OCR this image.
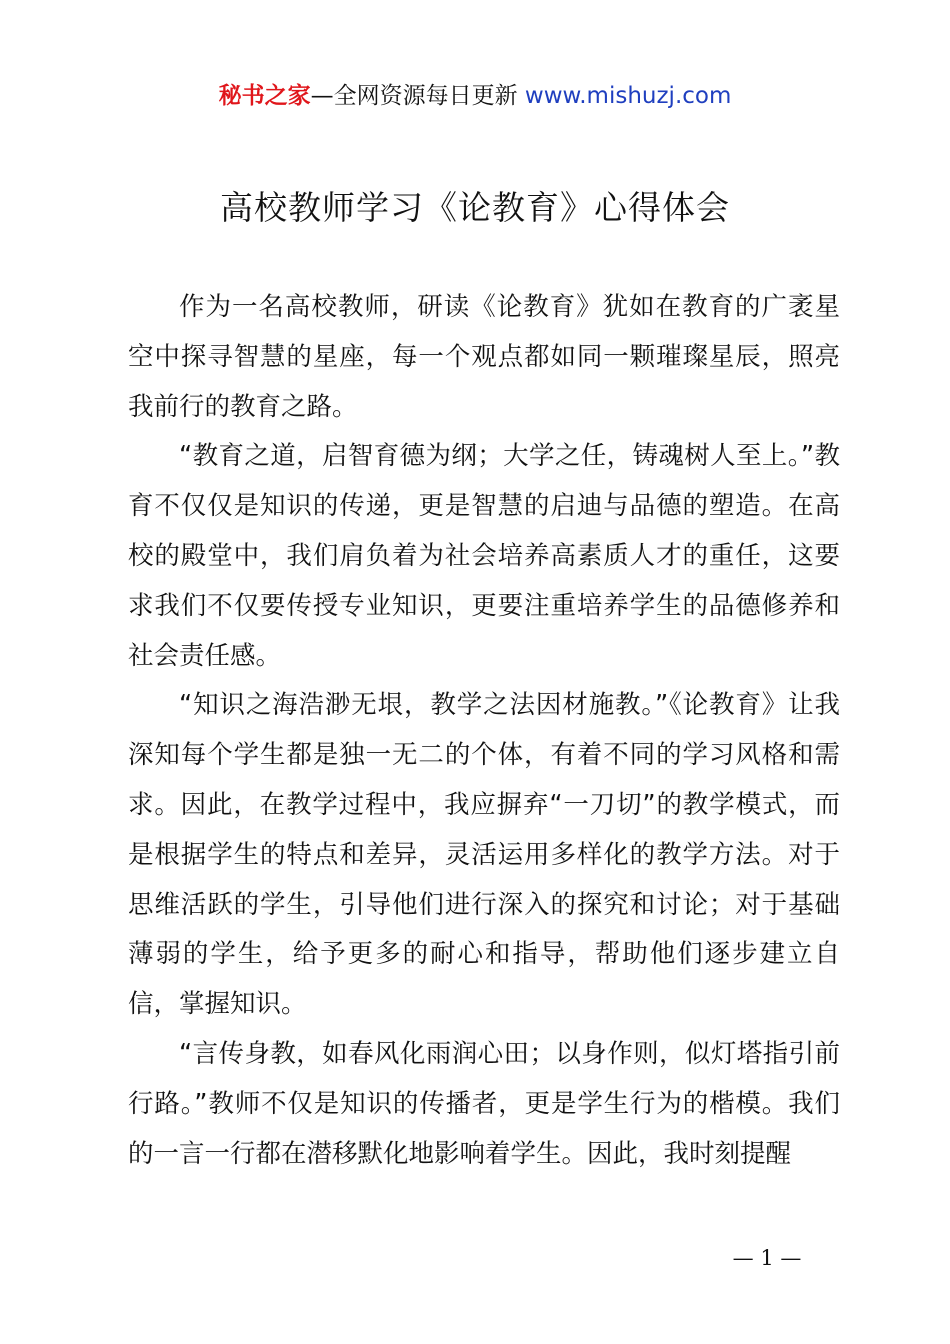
秘书之家—全网资源每日更新 www.mishuzj.com
高校教师学习《论教育》心得体会

作为一名高校教师，研读《论教育》犹如在教育的广袤星空中探寻智慧的星座，每一个观点都如同一颗璀璨星辰，照亮我前行的教育之路。

“教育之道，启智育德为纲；大学之任，铸魂树人至上。”教育不仅仅是知识的传递，更是智慧的启迪与品德的塑造。在高校的殿堂中，我们肩负着为社会培养高素质人才的重任，这要求我们不仅要传授专业知识，更要注重培养学生的品德修养和社会责任感。

“知识之海浩渺无垠，教学之法因材施教。”《论教育》让我深知每个学生都是独一无二的个体，有着不同的学习风格和需求。因此，在教学过程中，我应摒弃“一刀切”的教学模式，而是根据学生的特点和差异，灵活运用多样化的教学方法。对于思维活跃的学生，引导他们进行深入的探究和讨论；对于基础薄弱的学生，给予更多的耐心和指导，帮助他们逐步建立自信，掌握知识。

“言传身教，如春风化雨润心田；以身作则，似灯塔指引前行路。”教师不仅是知识的传播者，更是学生行为的楷模。我们的一言一行都在潜移默化地影响着学生。因此，我时刻提醒

— 1 —
